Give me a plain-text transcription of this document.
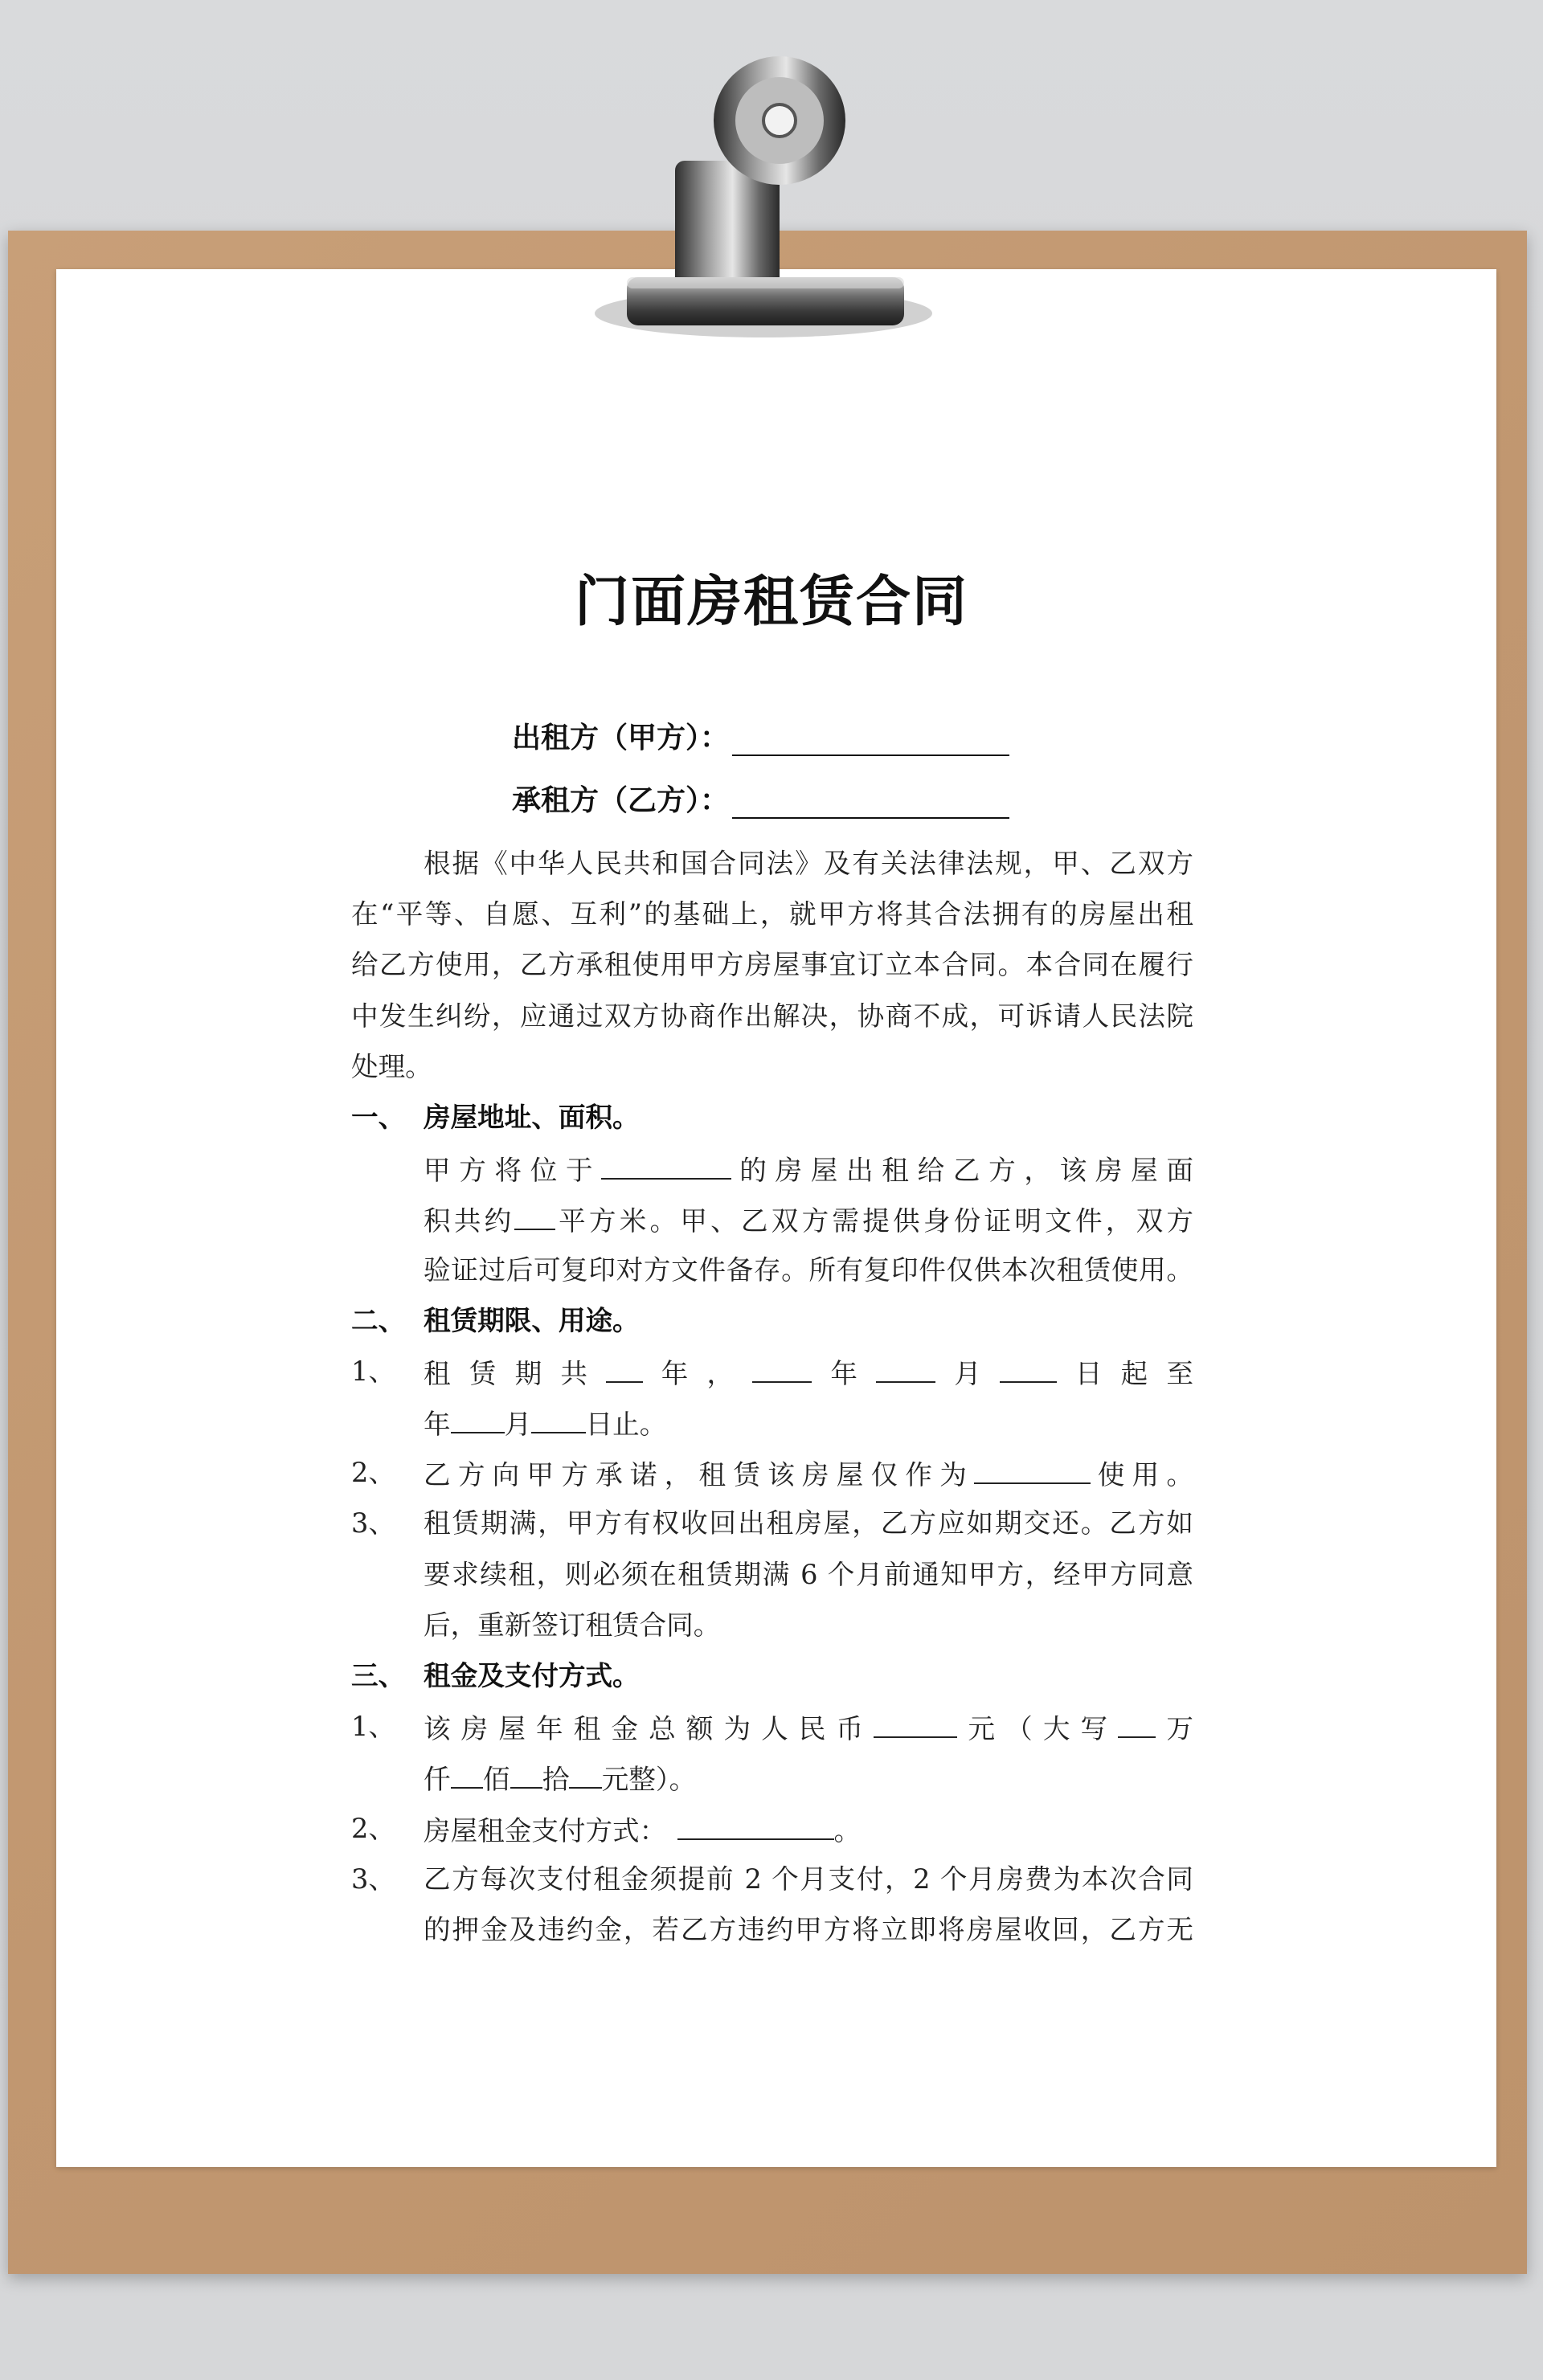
门面房租赁合同
出租方（甲方）：
承租方（乙方）：
根据《中华人民共和国合同法》及有关法律法规，甲、乙双方
在“平等、自愿、互利”的基础上，就甲方将其合法拥有的房屋出租
给乙方使用，乙方承租使用甲方房屋事宜订立本合同。本合同在履行
中发生纠纷，应通过双方协商作出解决，协商不成，可诉请人民法院
处理。
一、 房屋地址、面积。
甲方将位于	的房屋出租给乙方，该房屋面
积共约 平方米。甲、乙双方需提供身份证明文件，双方
验证过后可复印对方文件备存。所有复印件仅供本次租赁使用。
二、 租赁期限、用途。
1、 租赁期共 年， 年 月 日起至
年 月 日止。
2、 乙方向甲方承诺，租赁该房屋仅作为	使用。
3、 租赁期满，甲方有权收回出租房屋，乙方应如期交还。乙方如
要求续租，则必须在租赁期满 6 个月前通知甲方，经甲方同意
后，重新签订租赁合同。
三、 租金及支付方式。
1、 该房屋年租金总额为人民币	元（大写 万
仟 佰 拾 元整）。
2、 房屋租金支付方式：	。
3、 乙方每次支付租金须提前 2 个月支付，2 个月房费为本次合同
的押金及违约金，若乙方违约甲方将立即将房屋收回，乙方无
